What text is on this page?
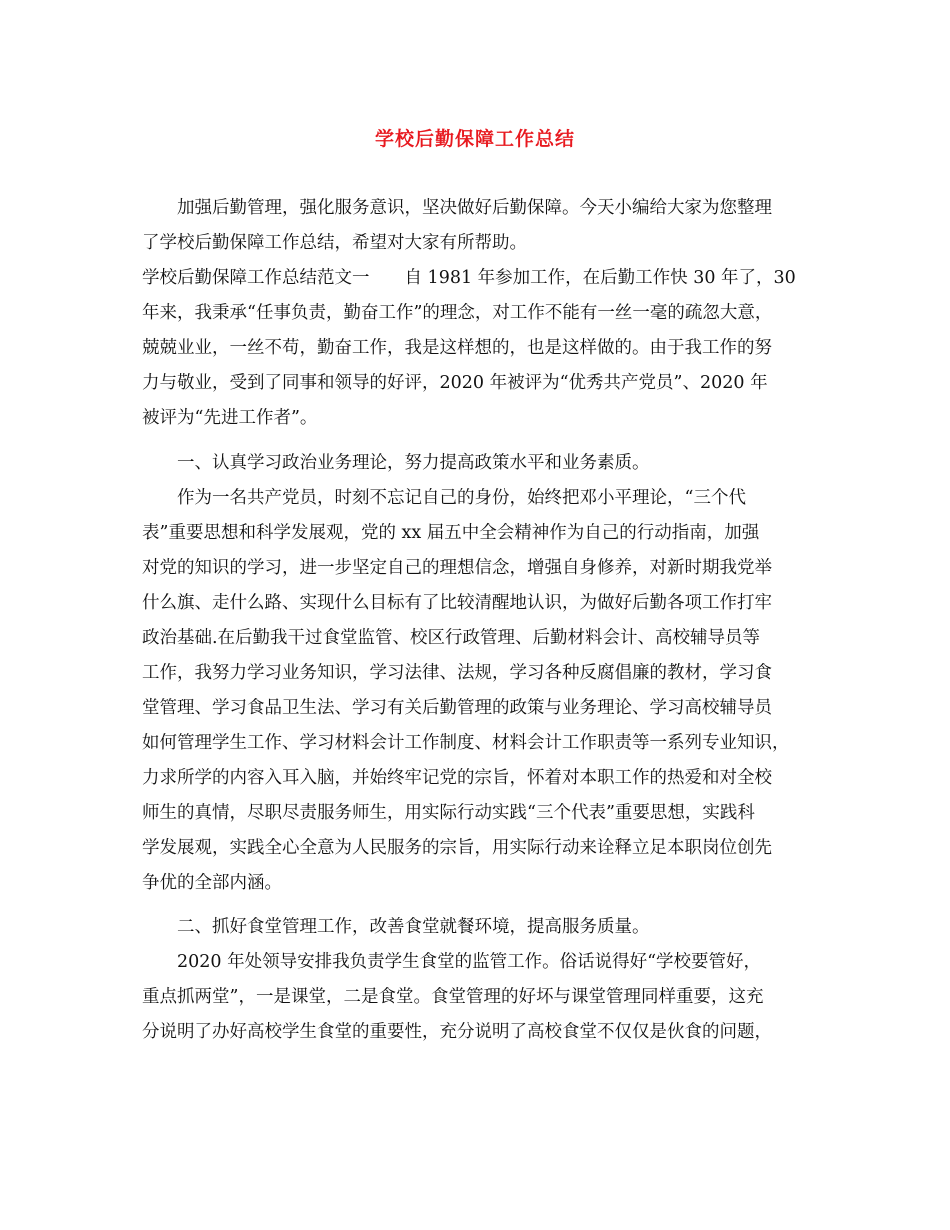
学校后勤保障工作总结
加强后勤管理，强化服务意识，坚决做好后勤保障。今天小编给大家为您整理
了学校后勤保障工作总结，希望对大家有所帮助。
学校后勤保障工作总结范文一　　自 1981 年参加工作，在后勤工作快 30 年了，30
年来，我秉承“任事负责，勤奋工作”的理念，对工作不能有一丝一毫的疏忽大意，
兢兢业业，一丝不苟，勤奋工作，我是这样想的，也是这样做的。由于我工作的努
力与敬业，受到了同事和领导的好评，2020 年被评为“优秀共产党员”、2020 年
被评为“先进工作者”。
一、认真学习政治业务理论，努力提高政策水平和业务素质。
作为一名共产党员，时刻不忘记自己的身份，始终把邓小平理论，“三个代
表”重要思想和科学发展观，党的 xx 届五中全会精神作为自己的行动指南，加强
对党的知识的学习，进一步坚定自己的理想信念，增强自身修养，对新时期我党举
什么旗、走什么路、实现什么目标有了比较清醒地认识，为做好后勤各项工作打牢
政治基础.在后勤我干过食堂监管、校区行政管理、后勤材料会计、高校辅导员等
工作，我努力学习业务知识，学习法律、法规，学习各种反腐倡廉的教材，学习食
堂管理、学习食品卫生法、学习有关后勤管理的政策与业务理论、学习高校辅导员
如何管理学生工作、学习材料会计工作制度、材料会计工作职责等一系列专业知识，
力求所学的内容入耳入脑，并始终牢记党的宗旨，怀着对本职工作的热爱和对全校
师生的真情，尽职尽责服务师生，用实际行动实践“三个代表”重要思想，实践科
学发展观，实践全心全意为人民服务的宗旨，用实际行动来诠释立足本职岗位创先
争优的全部内涵。
二、抓好食堂管理工作，改善食堂就餐环境，提高服务质量。
2020 年处领导安排我负责学生食堂的监管工作。俗话说得好“学校要管好，
重点抓两堂”，一是课堂，二是食堂。食堂管理的好坏与课堂管理同样重要，这充
分说明了办好高校学生食堂的重要性，充分说明了高校食堂不仅仅是伙食的问题，
